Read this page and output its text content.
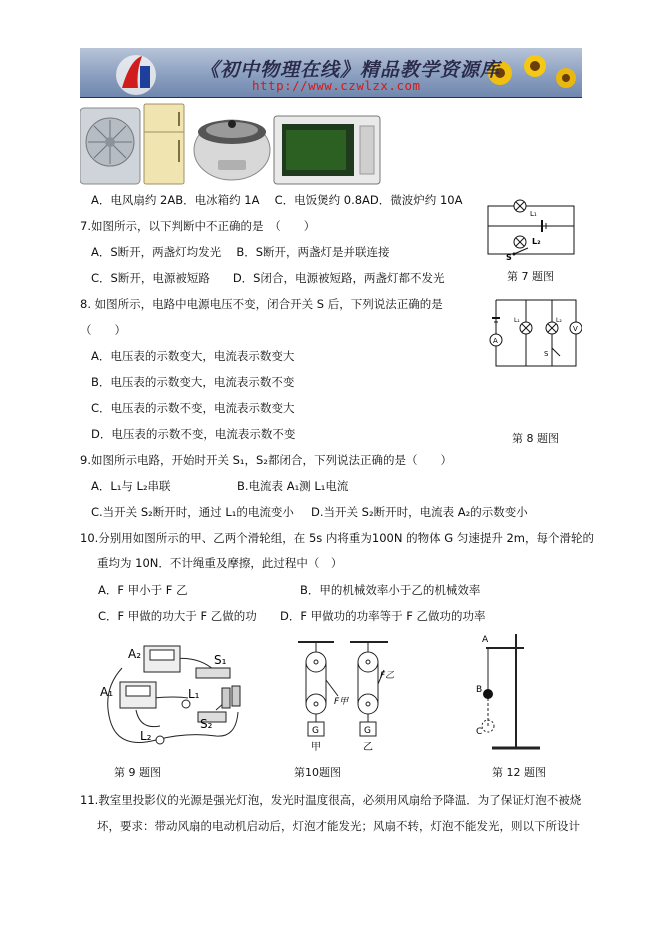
《初中物理在线》精品教学资源库
http://www.czwlzx.com
A．电风扇约 2AB．电冰箱约 1A　 C．电饭煲约 0.8AD．微波炉约 10A
7.如图所示，以下判断中不正确的是　（　　）
A．S断开，两盏灯均发光　 B．S断开，两盏灯是并联连接
C．S断开，电源被短路　　D．S闭合，电源被短路，两盏灯都不发光
L₁
L₂
S
第 7 题图
8. 如图所示，电路中电源电压不变，闭合开关 S 后，下列说法正确的是
（　　）
A．电压表的示数变大，电流表示数变大
B．电压表的示数变大，电流表示数不变
C．电压表的示数不变，电流表示数变大
D．电压表的示数不变，电流表示数不变
A
V
L₁	L₂
S
第 8 题图
9.如图所示电路，开始时开关 S₁，S₂都闭合，下列说法正确的是（　　）
A．L₁与 L₂串联	B.电流表 A₁测 L₁电流
C.当开关 S₂断开时，通过 L₁的电流变小 D.当开关 S₂断开时，电流表 A₂的示数变小
10.分别用如图所示的甲、乙两个滑轮组，在 5s 内将重为100N 的物体 G 匀速提升 2m，每个滑轮的
重均为 10N．不计绳重及摩擦，此过程中（　）
A．F 甲小于 F 乙	B．甲的机械效率小于乙的机械效率
C．F 甲做的功大于 F 乙做的功 D．F 甲做功的功率等于 F 乙做功的功率
A₂
A₁
S₁
S₂
L₁
L₂
第 9 题图
G	G
F甲
F乙
甲	乙
第10题图
A
B
C
第 12 题图
11.教室里投影仪的光源是强光灯泡，发光时温度很高，必须用风扇给予降温．为了保证灯泡不被烧
坏，要求：带动风扇的电动机启动后，灯泡才能发光；风扇不转，灯泡不能发光，则以下所设计
